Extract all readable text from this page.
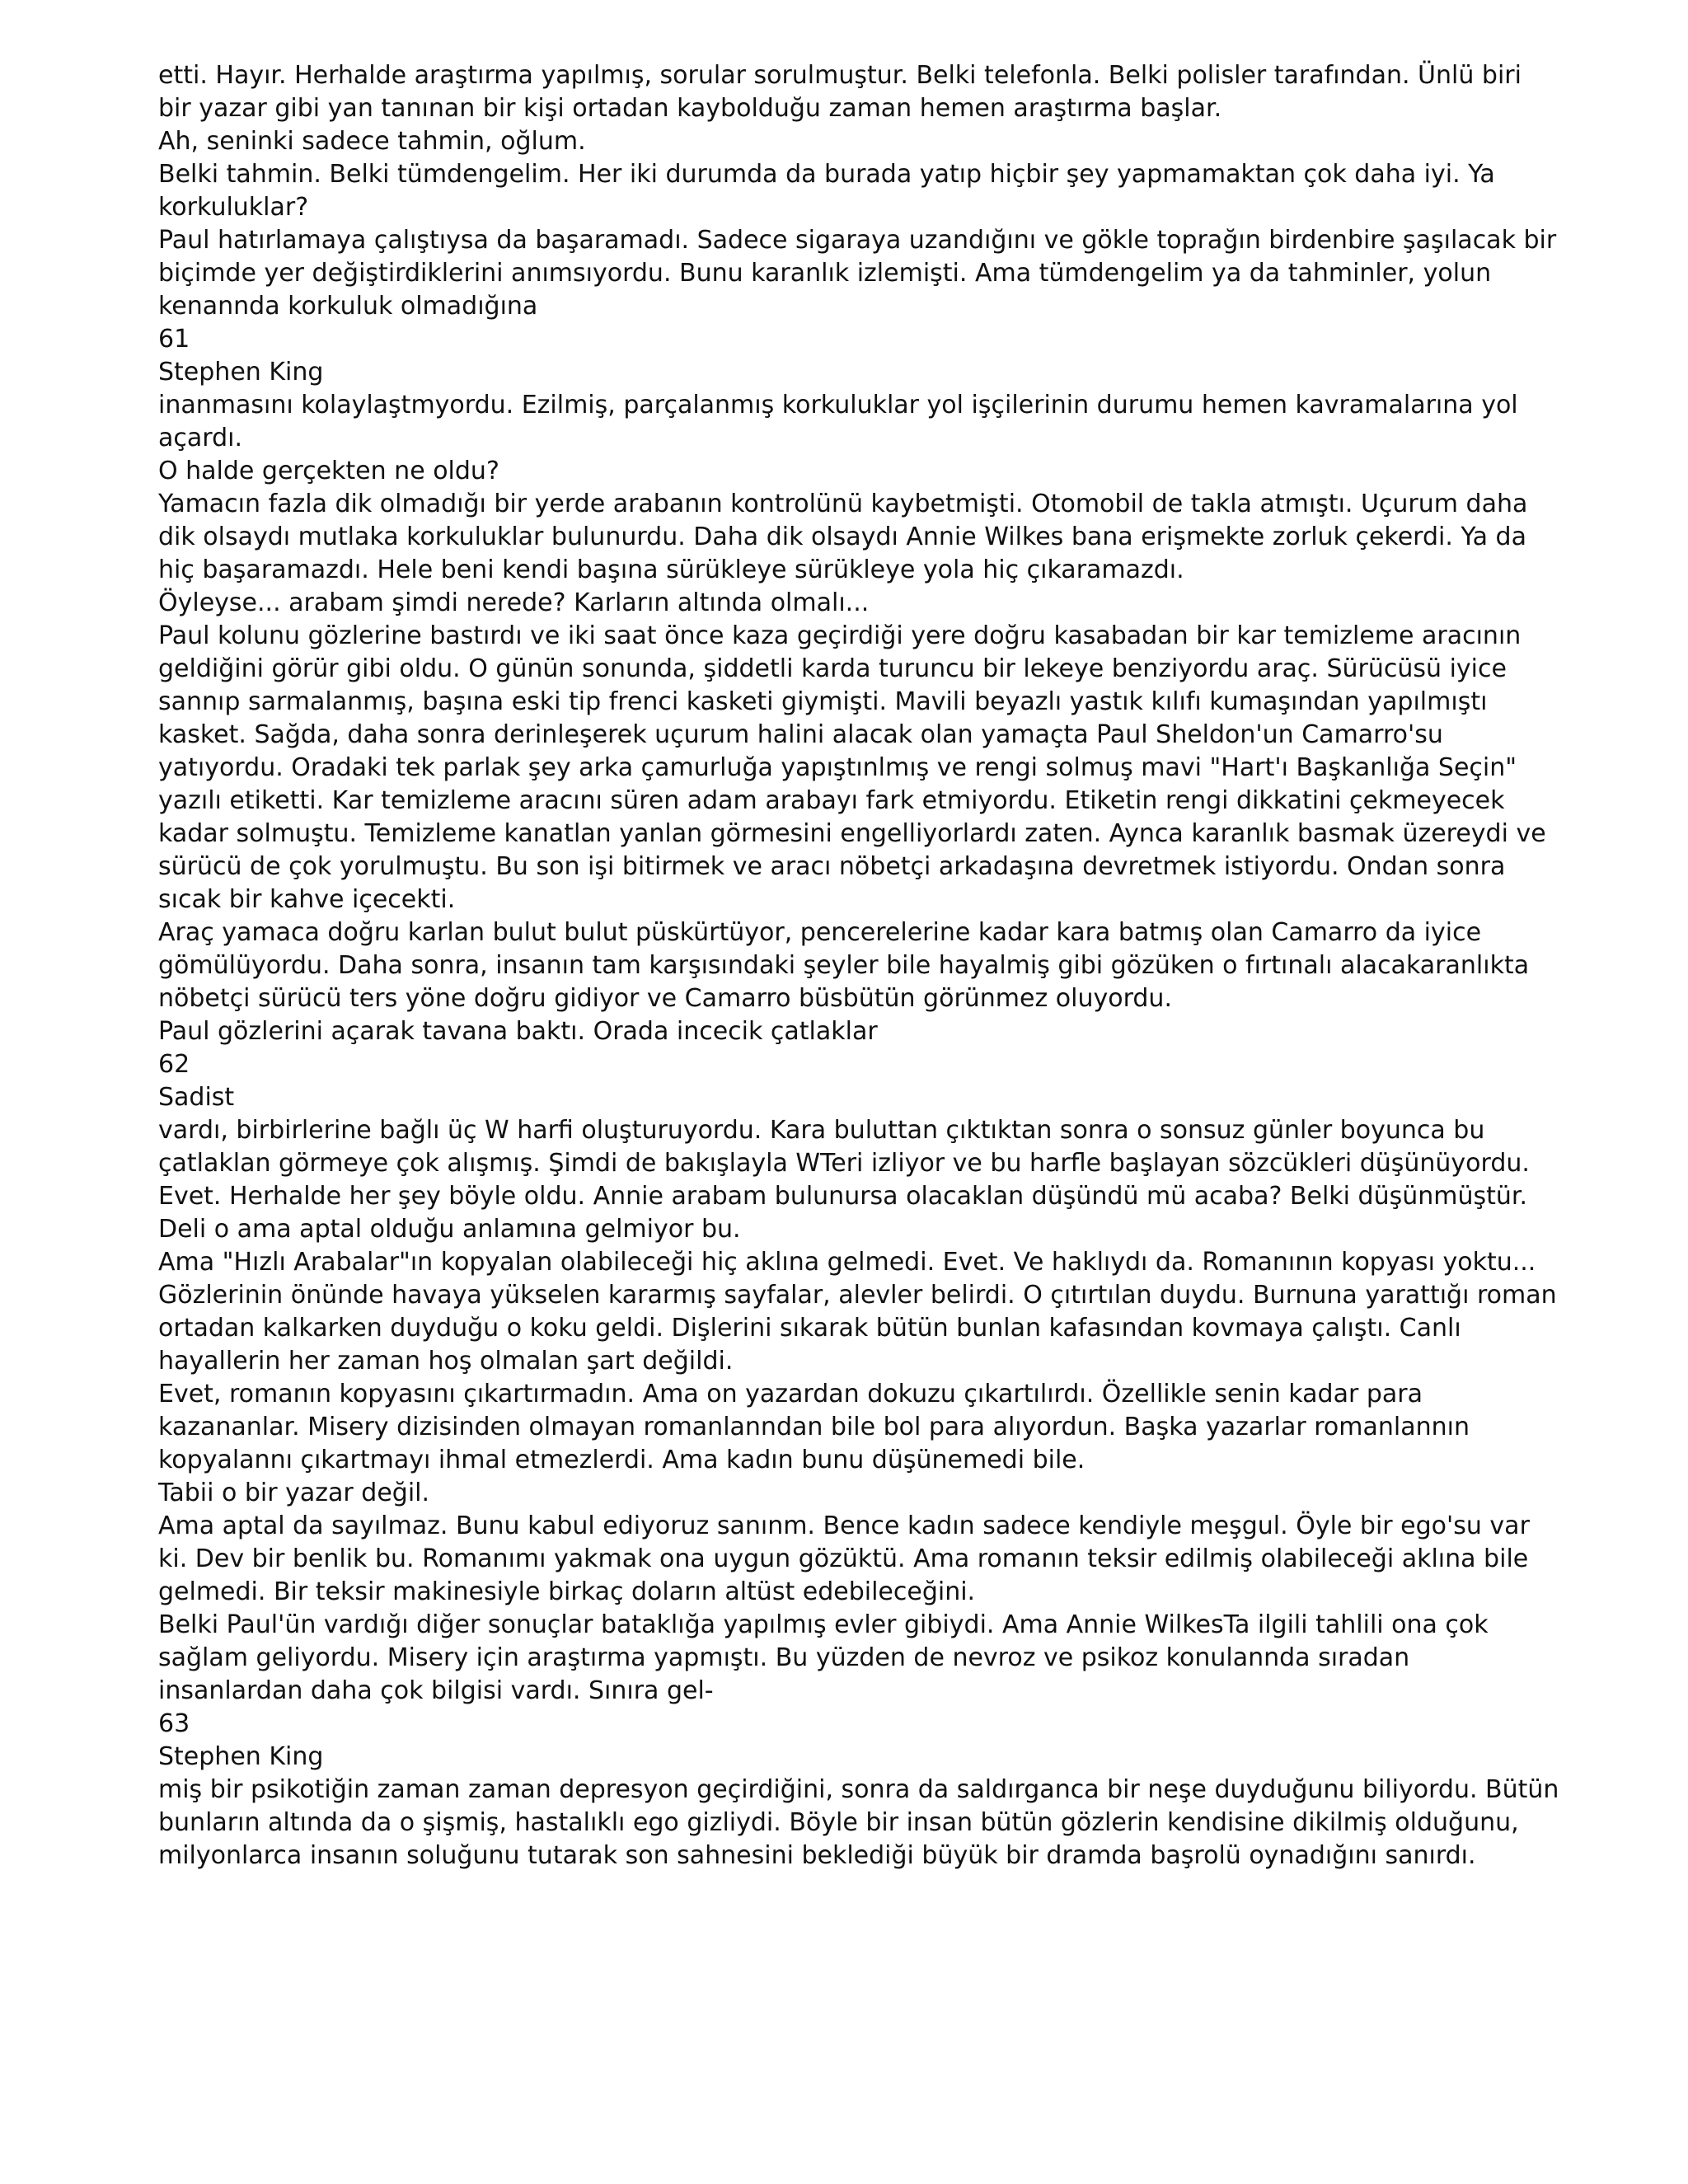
etti. Hayır. Herhalde araştırma yapılmış, sorular sorulmuştur. Belki telefonla. Belki polisler tarafından. Ünlü biri bir yazar gibi yan tanınan bir kişi ortadan kaybolduğu zaman hemen araştırma başlar.

Ah, seninki sadece tahmin, oğlum.

Belki tahmin. Belki tümdengelim. Her iki durumda da burada yatıp hiçbir şey yapmamaktan çok daha iyi. Ya korkuluklar?

Paul hatırlamaya çalıştıysa da başaramadı. Sadece sigaraya uzandığını ve gökle toprağın birdenbire şaşılacak bir biçimde yer değiştirdiklerini anımsıyordu. Bunu karanlık izlemişti. Ama tümdengelim ya da tahminler, yolun kenannda korkuluk olmadığına

61

Stephen King

inanmasını kolaylaştmyordu. Ezilmiş, parçalanmış korkuluklar yol işçilerinin durumu hemen kavramalarına yol açardı.

O halde gerçekten ne oldu?

Yamacın fazla dik olmadığı bir yerde arabanın kontrolünü kaybetmişti. Otomobil de takla atmıştı. Uçurum daha dik olsaydı mutlaka korkuluklar bulunurdu. Daha dik olsaydı Annie Wilkes bana erişmekte zorluk çekerdi. Ya da hiç başaramazdı. Hele beni kendi başına sürükleye sürükleye yola hiç çıkaramazdı.

Öyleyse... arabam şimdi nerede? Karların altında olmalı...

Paul kolunu gözlerine bastırdı ve iki saat önce kaza geçirdiği yere doğru kasabadan bir kar temizleme aracının geldiğini görür gibi oldu. O günün sonunda, şiddetli karda turuncu bir lekeye benziyordu araç. Sürücüsü iyice sannıp sarmalanmış, başına eski tip frenci kasketi giymişti. Mavili beyazlı yastık kılıfı kumaşından yapılmıştı kasket. Sağda, daha sonra derinleşerek uçurum halini alacak olan yamaçta Paul Sheldon'un Camarro'su yatıyordu. Oradaki tek parlak şey arka çamurluğa yapıştınlmış ve rengi solmuş mavi "Hart'ı Başkanlığa Seçin" yazılı etiketti. Kar temizleme aracını süren adam arabayı fark etmiyordu. Etiketin rengi dikkatini çekmeyecek kadar solmuştu. Temizleme kanatlan yanlan görmesini engelliyorlardı zaten. Aynca karanlık basmak üzereydi ve sürücü de çok yorulmuştu. Bu son işi bitirmek ve aracı nöbetçi arkadaşına devretmek istiyordu. Ondan sonra sıcak bir kahve içecekti.

Araç yamaca doğru karlan bulut bulut püskürtüyor, pencerelerine kadar kara batmış olan Camarro da iyice gömülüyordu. Daha sonra, insanın tam karşısındaki şeyler bile hayalmiş gibi gözüken o fırtınalı alacakaranlıkta nöbetçi sürücü ters yöne doğru gidiyor ve Camarro büsbütün görünmez oluyordu.

Paul gözlerini açarak tavana baktı. Orada incecik çatlaklar

62

Sadist

vardı, birbirlerine bağlı üç W harfi oluşturuyordu. Kara buluttan çıktıktan sonra o sonsuz günler boyunca bu çatlaklan görmeye çok alışmış. Şimdi de bakışlayla WTeri izliyor ve bu harfle başlayan sözcükleri düşünüyordu.

Evet. Herhalde her şey böyle oldu. Annie arabam bulunursa olacaklan düşündü mü acaba? Belki düşünmüştür. Deli o ama aptal olduğu anlamına gelmiyor bu.

Ama "Hızlı Arabalar"ın kopyalan olabileceği hiç aklına gelmedi. Evet. Ve haklıydı da. Romanının kopyası yoktu...

Gözlerinin önünde havaya yükselen kararmış sayfalar, alevler belirdi. O çıtırtılan duydu. Burnuna yarattığı roman ortadan kalkarken duyduğu o koku geldi. Dişlerini sıkarak bütün bunlan kafasından kovmaya çalıştı. Canlı hayallerin her zaman hoş olmalan şart değildi.

Evet, romanın kopyasını çıkartırmadın. Ama on yazardan dokuzu çıkartılırdı. Özellikle senin kadar para kazananlar. Misery dizisinden olmayan romanlanndan bile bol para alıyordun. Başka yazarlar romanlannın kopyalannı çıkartmayı ihmal etmezlerdi. Ama kadın bunu düşünemedi bile.

Tabii o bir yazar değil.

Ama aptal da sayılmaz. Bunu kabul ediyoruz sanınm. Bence kadın sadece kendiyle meşgul. Öyle bir ego'su var ki. Dev bir benlik bu. Romanımı yakmak ona uygun gözüktü. Ama romanın teksir edilmiş olabileceği aklına bile gelmedi. Bir teksir makinesiyle birkaç doların altüst edebileceğini.

Belki Paul'ün vardığı diğer sonuçlar bataklığa yapılmış evler gibiydi. Ama Annie WilkesTa ilgili tahlili ona çok sağlam geliyordu. Misery için araştırma yapmıştı. Bu yüzden de nevroz ve psikoz konulannda sıradan insanlardan daha çok bilgisi vardı. Sınıra gel-

63

Stephen King

miş bir psikotiğin zaman zaman depresyon geçirdiğini, sonra da saldırganca bir neşe duyduğunu biliyordu. Bütün bunların altında da o şişmiş, hastalıklı ego gizliydi. Böyle bir insan bütün gözlerin kendisine dikilmiş olduğunu, milyonlarca insanın soluğunu tutarak son sahnesini beklediği büyük bir dramda başrolü oynadığını sanırdı.
